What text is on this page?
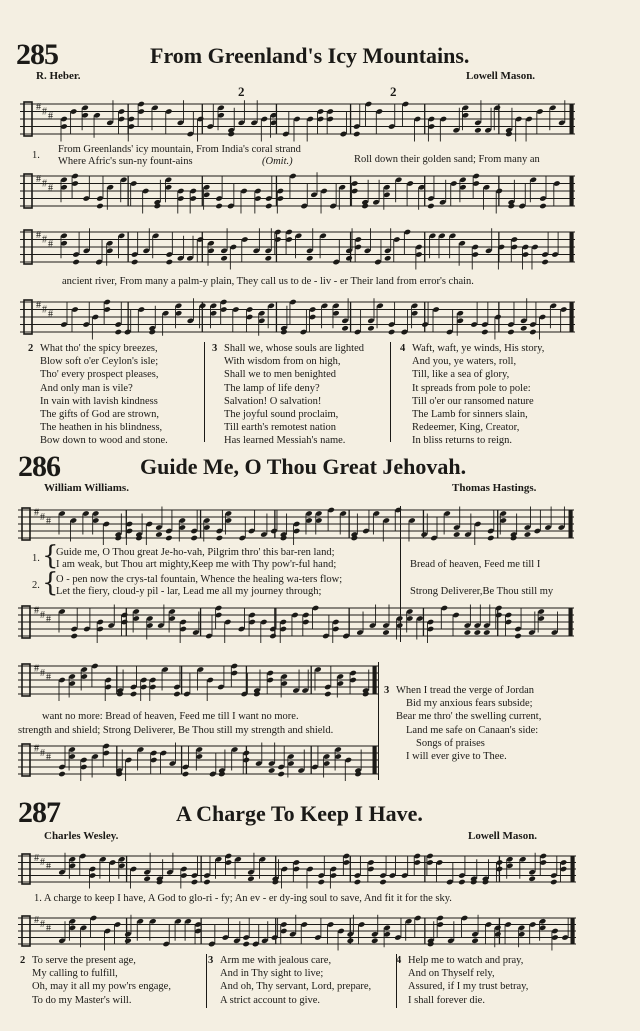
285	From Greenland's Icy Mountains.
R. Heber.	Lowell Mason.
2	2
# # #
# # #
# # #
# # #
1.
From Greenlands' icy mountain, From India's coral strand
Where Afric's sun-ny fount-ains	(Omit.)	Roll down their golden sand; From many an
ancient river, From many a palm-y plain, They call us to de - liv - er Their land from error's chain.
2 What tho' the spicy breezes,
Blow soft o'er Ceylon's isle;
Tho' every prospect pleases,
And only man is vile?
In vain with lavish kindness
The gifts of God are strown,
The heathen in his blindness,
Bow down to wood and stone.
3 Shall we, whose souls are lighted
With wisdom from on high,
Shall we to men benighted
The lamp of life deny?
Salvation! O salvation!
The joyful sound proclaim,
Till earth's remotest nation
Has learned Messiah's name.
4 Waft, waft, ye winds, His story,
And you, ye waters, roll,
Till, like a sea of glory,
It spreads from pole to pole:
Till o'er our ransomed nature
The Lamb for sinners slain,
Redeemer, King, Creator,
In bliss returns to reign.
286	Guide Me, O Thou Great Jehovah.
William Williams.	Thomas Hastings.
# # #
# # #
{
{
1.
2.
Guide me, O Thou great Je-ho-vah, Pilgrim thro' this bar-ren land;
I am weak, but Thou art mighty,Keep me with Thy pow'r-ful hand;
O - pen now the crys-tal fountain, Whence the healing wa-ters flow;
Let the fiery, cloud-y pil - lar, Lead me all my journey through;
Bread of heaven, Feed me till I
Strong Deliverer,Be Thou still my
# # #
# # #
want no more: Bread of heaven, Feed me till I want no more.
strength and shield; Strong Deliverer, Be Thou still my strength and shield.
3 When I tread the verge of Jordan
Bid my anxious fears subside;
Bear me thro' the swelling current,
Land me safe on Canaan's side:
Songs of praises
I will ever give to Thee.
287	A Charge To Keep I Have.
Charles Wesley.	Lowell Mason.
# # #
# # #
1. A charge to keep I have, A God to glo-ri - fy; An ev - er dy-ing soul to save, And fit it for the sky.
2 To serve the present age,
My calling to fulfill,
Oh, may it all my pow'rs engage,
To do my Master's will.
3 Arm me with jealous care,
And in Thy sight to live;
And oh, Thy servant, Lord, prepare,
A strict account to give.
4 Help me to watch and pray,
And on Thyself rely,
Assured, if I my trust betray,
I shall forever die.
